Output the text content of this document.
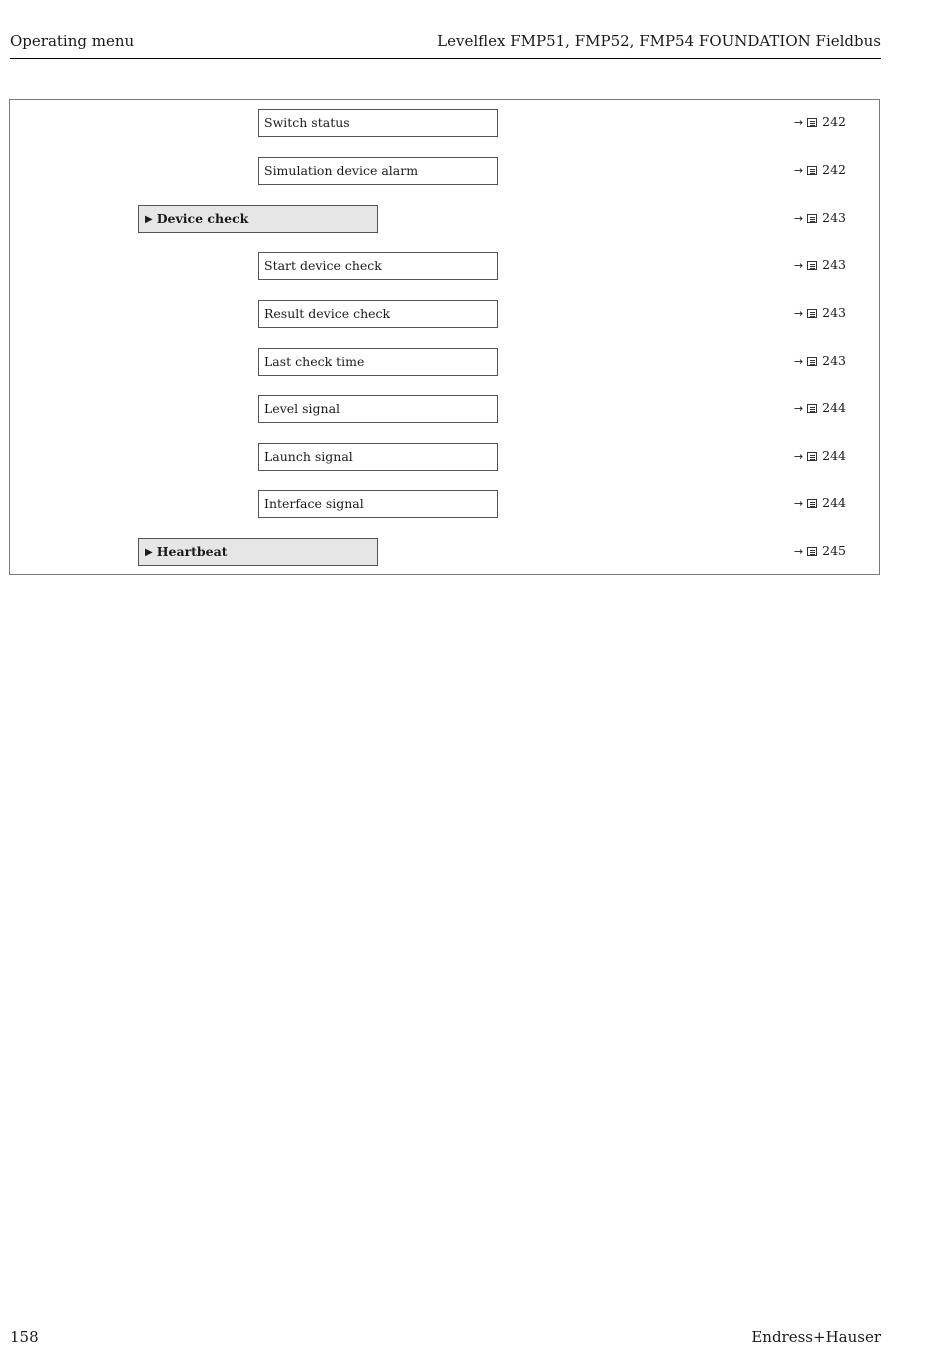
Operating menu	Levelflex FMP51, FMP52, FMP54 FOUNDATION Fieldbus
Switch status	→ 242
Simulation device alarm	→ 242
▶ Device check	→ 243
Start device check	→ 243
Result device check	→ 243
Last check time	→ 243
Level signal	→ 244
Launch signal	→ 244
Interface signal	→ 244
▶ Heartbeat	→ 245
158	Endress+Hauser
